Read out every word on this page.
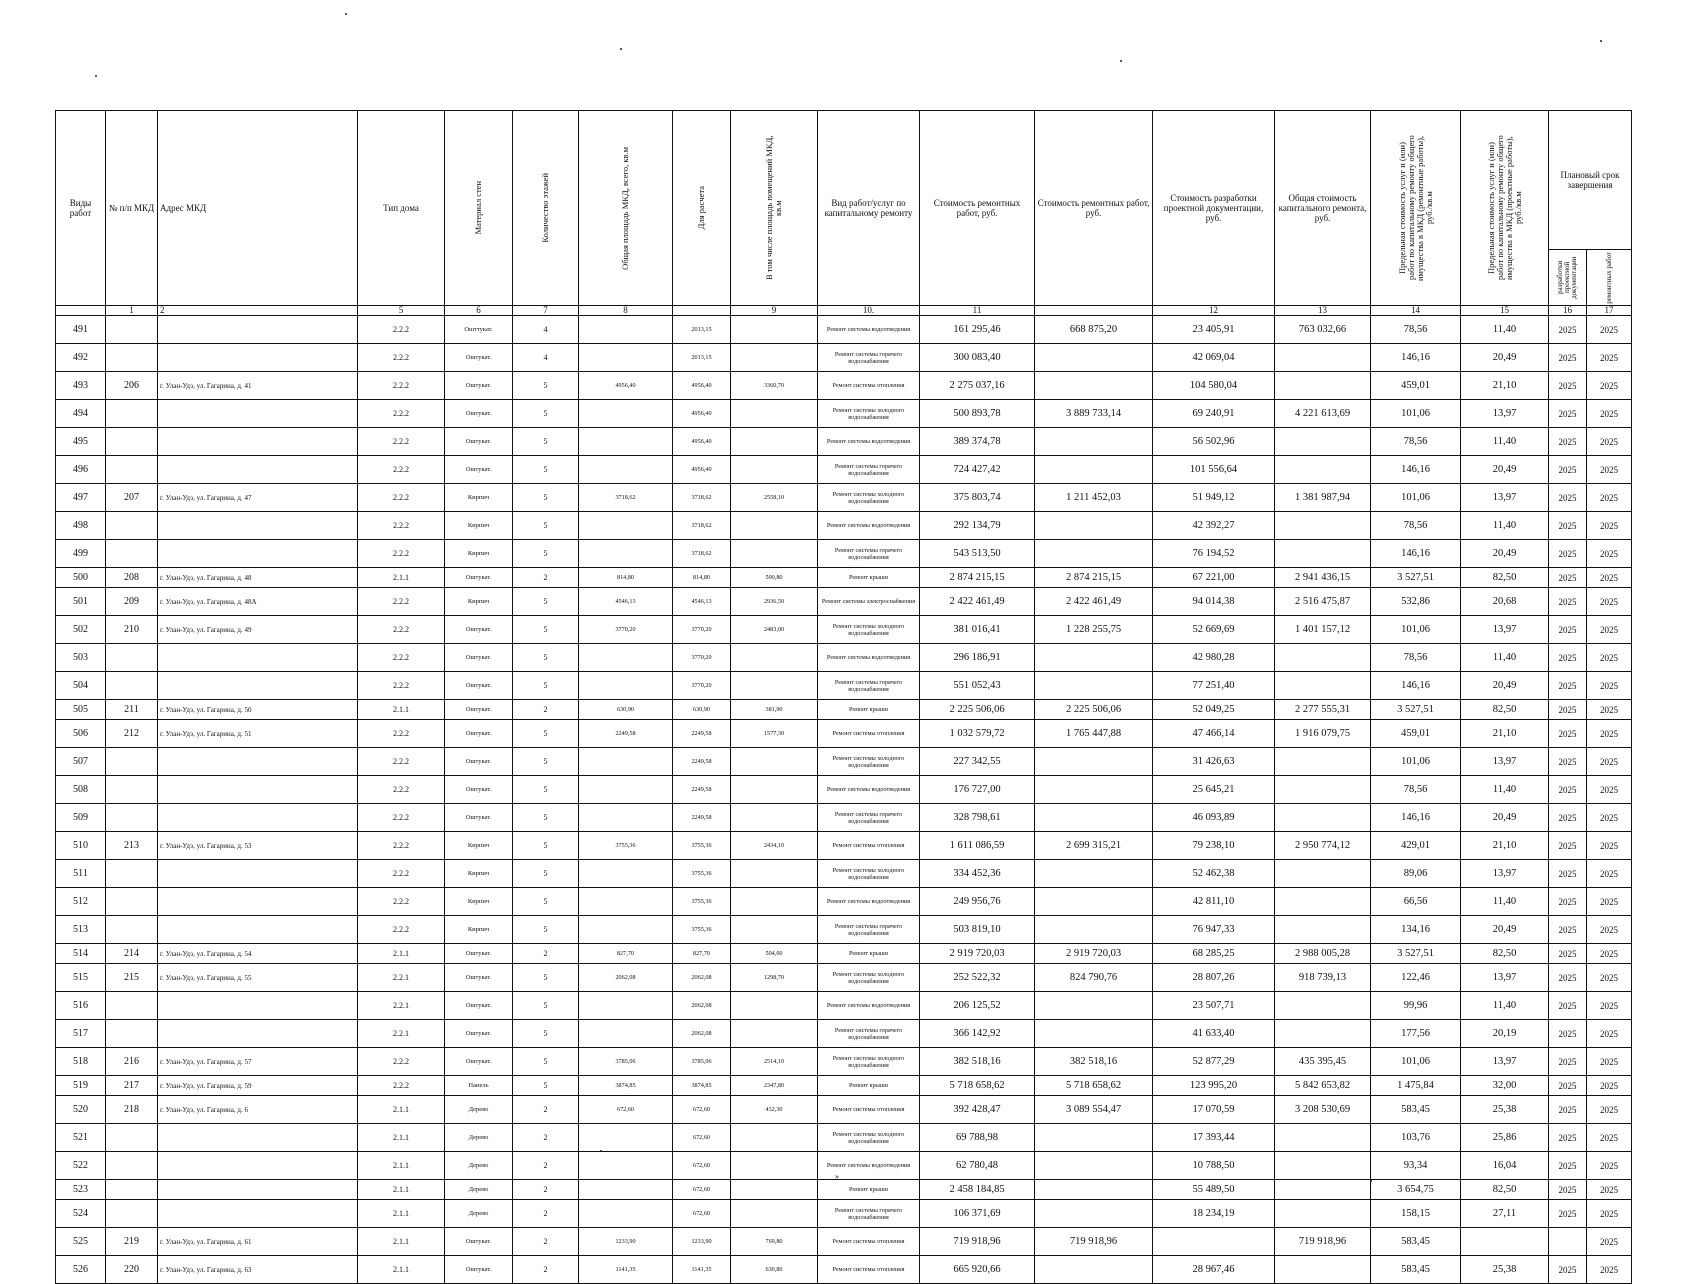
Виды работ	№ п/п МКД	Адрес МКД	Тип дома	Материал стен	Количество этажей	Общая площадь МКД, всего, кв.м	Для расчета	В том числе площадь помещений МКД, кв.м	Вид работ/услуг по капитальному ремонту	Стоимость ремонтных работ, руб.	Стоимость ремонтных работ, руб.	Стоимость разработки проектной документации, руб.	Общая стоимость капитального ремонта, руб.	Предельная стоимость услуг и (или) работ по капитальному ремонту общего имущества в МКД (ремонтные работы), руб./кв.м	Предельная стоимость услуг и (или) работ по капитальному ремонту общего имущества в МКД (проектные работы), руб./кв.м	Плановый срок завершения	

																разработки проектной документации	ремонтных работ

	1	2	5	6	7	8		9	10.	11		12	13	14	15	16	17
491			2.2.2	Ошттукат.	4		2013,15		Ремонт системы водоотведения	161 295,46	668 875,20	23 405,91	763 032,66	78,56	11,40	2025	2025
492			2.2.2	Оштукат.	4		2013,15		Ремонт системы горячего водоснабжения	300 083,40		42 069,04		146,16	20,49	2025	2025
493	206	г. Улан-Удэ, ул. Гагарина, д. 41	2.2.2	Оштукат.	5	4956,40	4956,40	3360,70	Ремонт системы отопления	2 275 037,16		104 580,04		459,01	21,10	2025	2025
494			2.2.2	Оштукат.	5		4956,40		Ремонт системы холодного водоснабжения	500 893,78	3 889 733,14	69 240,91	4 221 613,69	101,06	13,97	2025	2025
495			2.2.2	Оштукат.	5		4956,40		Ремонт системы водоотведения	389 374,78		56 502,96		78,56	11,40	2025	2025
496			2.2.2	Оштукат.	5		4956,40		Ремонт системы горячего водоснабжения	724 427,42		101 556,64		146,16	20,49	2025	2025
497	207	г. Улан-Удэ, ул. Гагарина, д. 47	2.2.2	Кирпич	5	3718,62	3718,62	2558,10	Ремонт системы холодного водоснабжения	375 803,74	1 211 452,03	51 949,12	1 381 987,94	101,06	13,97	2025	2025
498			2.2.2	Кирпич	5		3718,62		Ремонт системы водоотведения	292 134,79		42 392,27		78,56	11,40	2025	2025
499			2.2.2	Кирпич	5		3718,62		Ремонт системы горячего водоснабжения	543 513,50		76 194,52		146,16	20,49	2025	2025
500	208	г. Улан-Удэ, ул. Гагарина, д. 48	2.1.1	Оштукат.	2	814,80	814,80	500,80	Ремонт крыши	2 874 215,15	2 874 215,15	67 221,00	2 941 436,15	3 527,51	82,50	2025	2025
501	209	г. Улан-Удэ, ул. Гагарина, д. 48А	2.2.2	Кирпич	5	4546,13	4546,13	2936,50	Ремонт системы электроснабжения	2 422 461,49	2 422 461,49	94 014,38	2 516 475,87	532,86	20,68	2025	2025
502	210	г. Улан-Удэ, ул. Гагарина, д. 49	2.2.2	Оштукат.	5	3770,20	3770,20	2483,00	Ремонт системы холодного водоснабжения	381 016,41	1 228 255,75	52 669,69	1 401 157,12	101,06	13,97	2025	2025
503			2.2.2	Оштукат.	5		3770,20		Ремонт системы водоотведения	296 186,91		42 980,28		78,56	11,40	2025	2025
504			2.2.2	Оштукат.	5		3770,20		Ремонт системы горячего водоснабжения	551 052,43		77 251,40		146,16	20,49	2025	2025
505	211	г. Улан-Удэ, ул. Гагарина, д. 50	2.1.1	Оштукат.	2	630,90	630,90	381,90	Ремонт крыши	2 225 506,06	2 225 506,06	52 049,25	2 277 555,31	3 527,51	82,50	2025	2025
506	212	г. Улан-Удэ, ул. Гагарина, д. 51	2.2.2	Оштукат.	5	2249,58	2249,58	1577,30	Ремонт системы отопления	1 032 579,72	1 765 447,88	47 466,14	1 916 079,75	459,01	21,10	2025	2025
507			2.2.2	Оштукат.	5		2249,58		Ремонт системы холодного водоснабжения	227 342,55		31 426,63		101,06	13,97	2025	2025
508			2.2.2	Оштукат.	5		2249,58		Ремонт системы водоотведения	176 727,00		25 645,21		78,56	11,40	2025	2025
509			2.2.2	Оштукат.	5		2249,58		Ремонт системы горячего водоснабжения	328 798,61		46 093,89		146,16	20,49	2025	2025
510	213	г. Улан-Удэ, ул. Гагарина, д. 53	2.2.2	Кирпич	5	3755,36	3755,36	2434,10	Ремонт системы отопления	1 611 086,59	2 699 315,21	79 238,10	2 950 774,12	429,01	21,10	2025	2025
511			2.2.2	Кирпич	5		3755,36		Ремонт системы холодного водоснабжения	334 452,36		52 462,38		89,06	13,97	2025	2025
512			2.2.2	Кирпич	5		3755,36		Ремонт системы водоотведения	249 956,76		42 811,10		66,56	11,40	2025	2025
513			2.2.2	Кирпич	5		3755,36		Ремонт системы горячего водоснабжения	503 819,10		76 947,33		134,16	20,49	2025	2025
514	214	г. Улан-Удэ, ул. Гагарина, д. 54	2.1.1	Оштукат.	2	827,70	827,70	504,00	Ремонт крыши	2 919 720,03	2 919 720,03	68 285,25	2 988 005,28	3 527,51	82,50	2025	2025
515	215	г. Улан-Удэ, ул. Гагарина, д. 55	2.2.1	Оштукат.	5	2062,08	2062,08	1298,70	Ремонт системы холодного водоснабжения	252 522,32	824 790,76	28 807,26	918 739,13	122,46	13,97	2025	2025
516			2.2.1	Оштукат.	5		2062,08		Ремонт системы водоотведения	206 125,52		23 507,71		99,96	11,40	2025	2025
517			2.2.1	Оштукат.	5		2062,08		Ремонт системы горячего водоснабжения	366 142,92		41 633,40		177,56	20,19	2025	2025
518	216	г. Улан-Удэ, ул. Гагарина, д. 57	2.2.2	Оштукат.	5	3785,06	3785,06	2514,10	Ремонт системы холодного водоснабжения	382 518,16	382 518,16	52 877,29	435 395,45	101,06	13,97	2025	2025
519	217	г. Улан-Удэ, ул. Гагарина, д. 59	2.2.2	Панель	5	3874,85	3874,85	2347,80	Ремонт крыши	5 718 658,62	5 718 658,62	123 995,20	5 842 653,82	1 475,84	32,00	2025	2025
520	218	г. Улан-Удэ, ул. Гагарина, д. 6	2.1.1	Дерево	2	672,60	672,60	432,30	Ремонт системы отопления	392 428,47	3 089 554,47	17 070,59	3 208 530,69	583,45	25,38	2025	2025
521			2.1.1	Дерево	2		672,60		Ремонт системы холодного водоснабжения	69 788,98		17 393,44		103,76	25,86	2025	2025
522			2.1.1	Дерево	2		672,60		Ремонт системы водоотведения	62 780,48		10 788,50		93,34	16,04	2025	2025
523			2.1.1	Дерево	2		672,60		Ремонт крыши	2 458 184,85		55 489,50		3 654,75	82,50	2025	2025
524			2.1.1	Дерево	2		672,60		Ремонт системы горячего водоснабжения	106 371,69		18 234,19		158,15	27,11	2025	2025
525	219	г. Улан-Удэ, ул. Гагарина, д. 61	2.1.1	Оштукат.	2	1233,90	1233,90	769,80	Ремонт системы отопления	719 918,96	719 918,96		719 918,96	583,45			2025
526	220	г. Улан-Удэ, ул. Гагарина, д. 63	2.1.1	Оштукат.	2	1141,35	1141,35	630,80	Ремонт системы отопления	665 920,66		28 967,46		583,45	25,38	2025	2025
»
